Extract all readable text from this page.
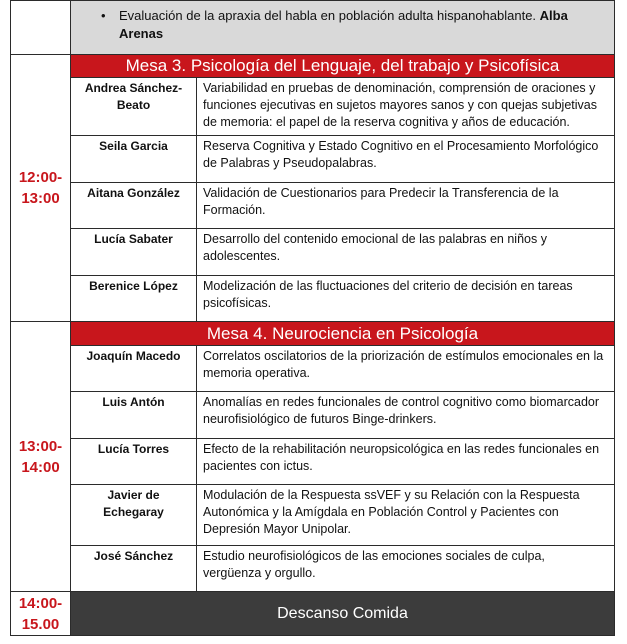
	• Evaluación de la apraxia del habla en población adulta hispanohablante. Alba Arenas	

12:00-
13:00	Mesa 3. Psicología del Lenguaje, del trabajo y Psicofísica	
	Andrea Sánchez-Beato	Variabilidad en pruebas de denominación, comprensión de oraciones y funciones ejecutivas en sujetos mayores sanos y con quejas subjetivas de memoria: el papel de la reserva cognitiva y años de educación.
	Seila Garcia	Reserva Cognitiva y Estado Cognitivo en el Procesamiento Morfológico de Palabras y Pseudopalabras.
	Aitana González	Validación de Cuestionarios para Predecir la Transferencia de la Formación.
	Lucía Sabater	Desarrollo del contenido emocional de las palabras en niños y adolescentes.
	Berenice López	Modelización de las fluctuaciones del criterio de decisión en tareas psicofísicas.

13:00-
14:00	Mesa 4. Neurociencia en Psicología	
	Joaquín Macedo	Correlatos oscilatorios de la priorización de estímulos emocionales en la memoria operativa.
	Luis Antón	Anomalías en redes funcionales de control cognitivo como biomarcador neurofisiológico de futuros Binge-drinkers.
	Lucía Torres	Efecto de la rehabilitación neuropsicológica en las redes funcionales en pacientes con ictus.
	Javier de Echegaray	Modulación de la Respuesta ssVEF y su Relación con la Respuesta Autonómica y la Amígdala en Población Control y Pacientes con Depresión Mayor Unipolar.
	José Sánchez	Estudio neurofisiológicos de las emociones sociales de culpa, vergüenza y orgullo.

14:00-
15.00	Descanso Comida	
